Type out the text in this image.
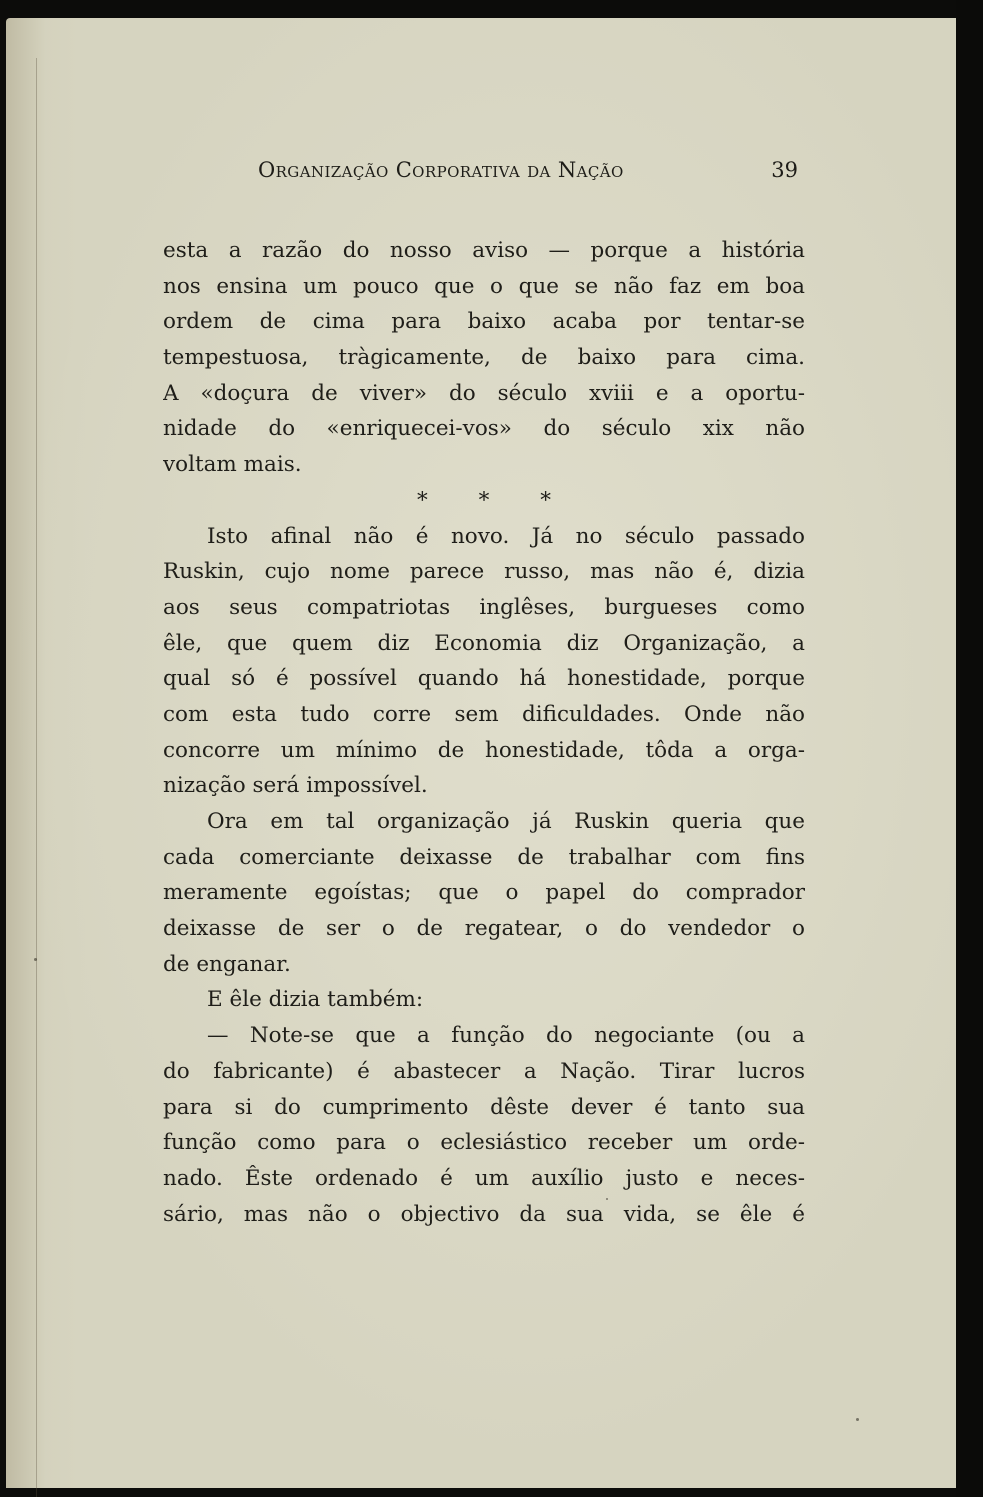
Organização Corporativa da Nação	39
esta a razão do nosso aviso — porque a história
nos ensina um pouco que o que se não faz em boa
ordem de cima para baixo acaba por tentar-se
tempestuosa, tràgicamente, de baixo para cima.
A «doçura de viver» do século xviii e a oportu-
nidade do «enriquecei-vos» do século xix não
voltam mais.
* * *
Isto afinal não é novo. Já no século passado
Ruskin, cujo nome parece russo, mas não é, dizia
aos seus compatriotas inglêses, burgueses como
êle, que quem diz Economia diz Organização, a
qual só é possível quando há honestidade, porque
com esta tudo corre sem dificuldades. Onde não
concorre um mínimo de honestidade, tôda a orga-
nização será impossível.
Ora em tal organização já Ruskin queria que
cada comerciante deixasse de trabalhar com fins
meramente egoístas; que o papel do comprador
deixasse de ser o de regatear, o do vendedor o
de enganar.
E êle dizia também:
— Note-se que a função do negociante (ou a
do fabricante) é abastecer a Nação. Tirar lucros
para si do cumprimento dêste dever é tanto sua
função como para o eclesiástico receber um orde-
nado. Êste ordenado é um auxílio justo e neces-
sário, mas não o objectivo da sua vida, se êle é
